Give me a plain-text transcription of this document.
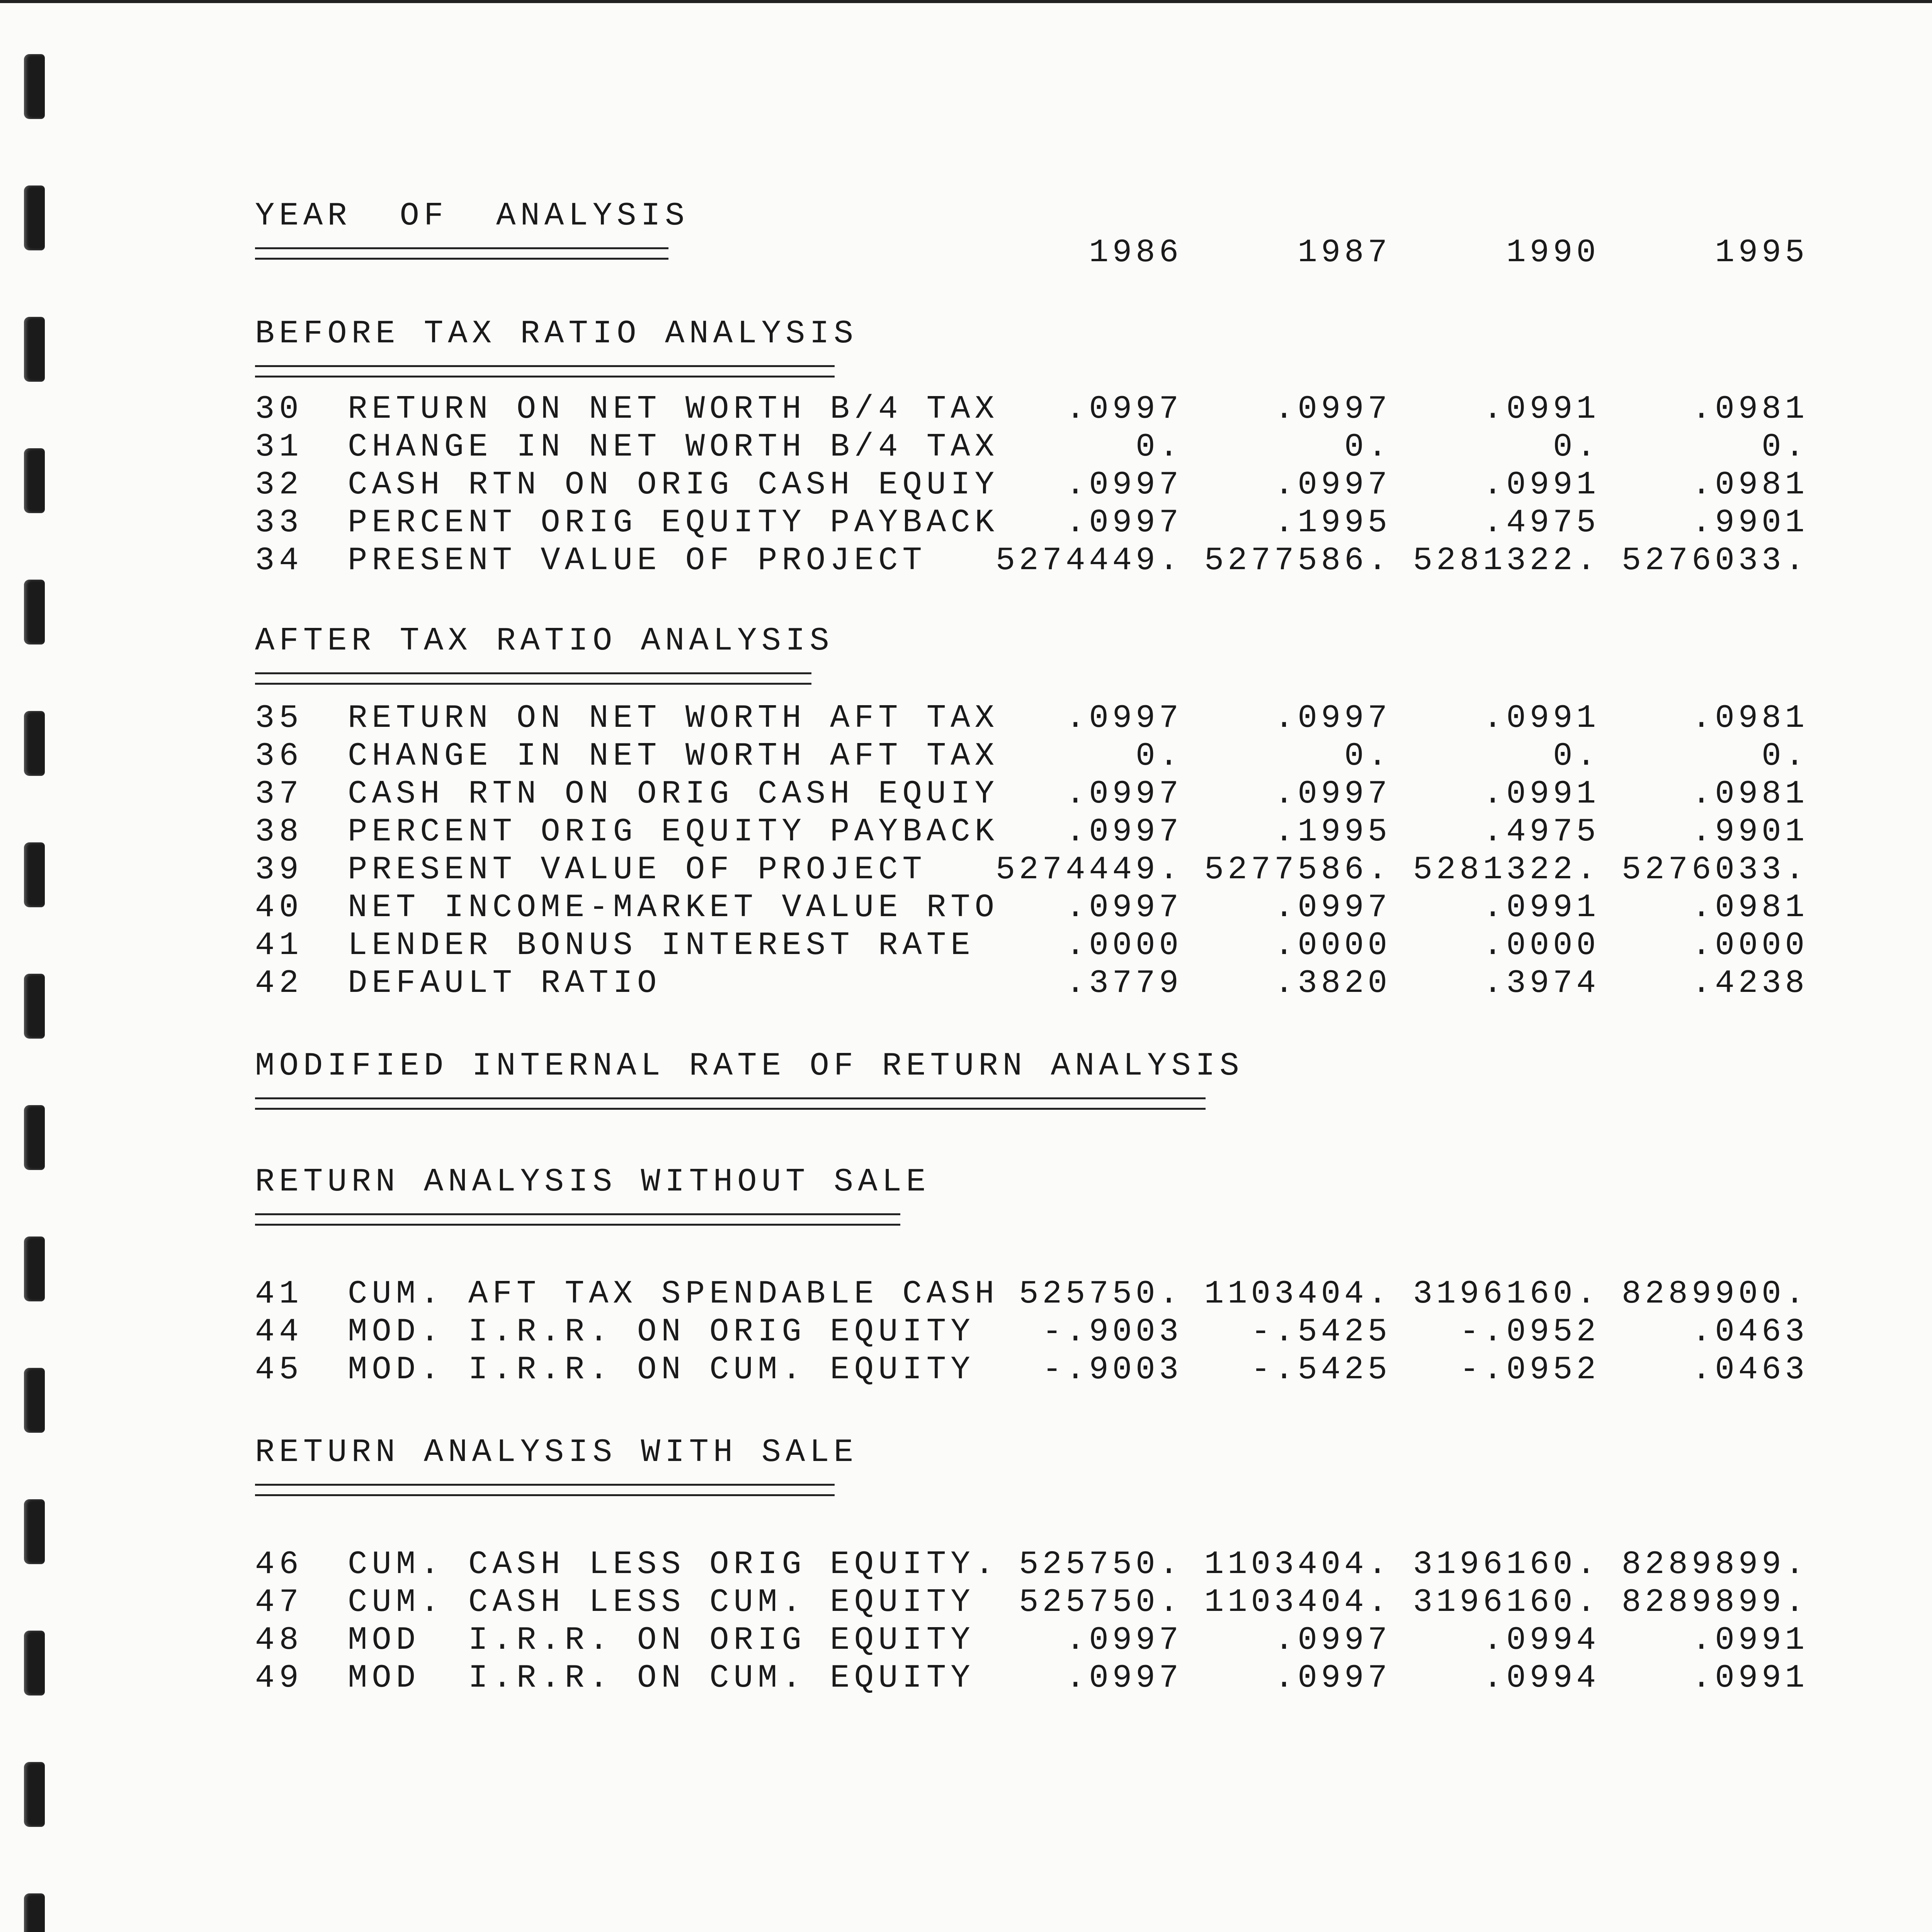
YEAR  OF  ANALYSIS
1986	1987	1990	1995
BEFORE TAX RATIO ANALYSIS
30 RETURN ON NET WORTH B/4 TAX	.0997	.0997	.0991	.0981
31 CHANGE IN NET WORTH B/4 TAX	0.	0.	0.	0.
32 CASH RTN ON ORIG CASH EQUIY	.0997	.0997	.0991	.0981
33 PERCENT ORIG EQUITY PAYBACK	.0997	.1995	.4975	.9901
34 PRESENT VALUE OF PROJECT	5274449. 5277586. 5281322. 5276033.
AFTER TAX RATIO ANALYSIS
35 RETURN ON NET WORTH AFT TAX	.0997	.0997	.0991	.0981
36 CHANGE IN NET WORTH AFT TAX	0.	0.	0.	0.
37 CASH RTN ON ORIG CASH EQUIY	.0997	.0997	.0991	.0981
38 PERCENT ORIG EQUITY PAYBACK	.0997	.1995	.4975	.9901
39 PRESENT VALUE OF PROJECT	5274449. 5277586. 5281322. 5276033.
40 NET INCOME-MARKET VALUE RTO	.0997	.0997	.0991	.0981
41 LENDER BONUS INTEREST RATE	.0000	.0000	.0000	.0000
42 DEFAULT RATIO	.3779	.3820	.3974	.4238
MODIFIED INTERNAL RATE OF RETURN ANALYSIS
RETURN ANALYSIS WITHOUT SALE
41 CUM. AFT TAX SPENDABLE CASH 525750. 1103404. 3196160. 8289900.
44 MOD. I.R.R. ON ORIG EQUITY	-.9003	-.5425	-.0952	.0463
45 MOD. I.R.R. ON CUM. EQUITY	-.9003	-.5425	-.0952	.0463
RETURN ANALYSIS WITH SALE
46 CUM. CASH LESS ORIG EQUITY. 525750. 1103404. 3196160. 8289899.
47 CUM. CASH LESS CUM. EQUITY	525750. 1103404. 3196160. 8289899.
48 MOD  I.R.R. ON ORIG EQUITY	.0997	.0997	.0994	.0991
49 MOD  I.R.R. ON CUM. EQUITY	.0997	.0997	.0994	.0991
